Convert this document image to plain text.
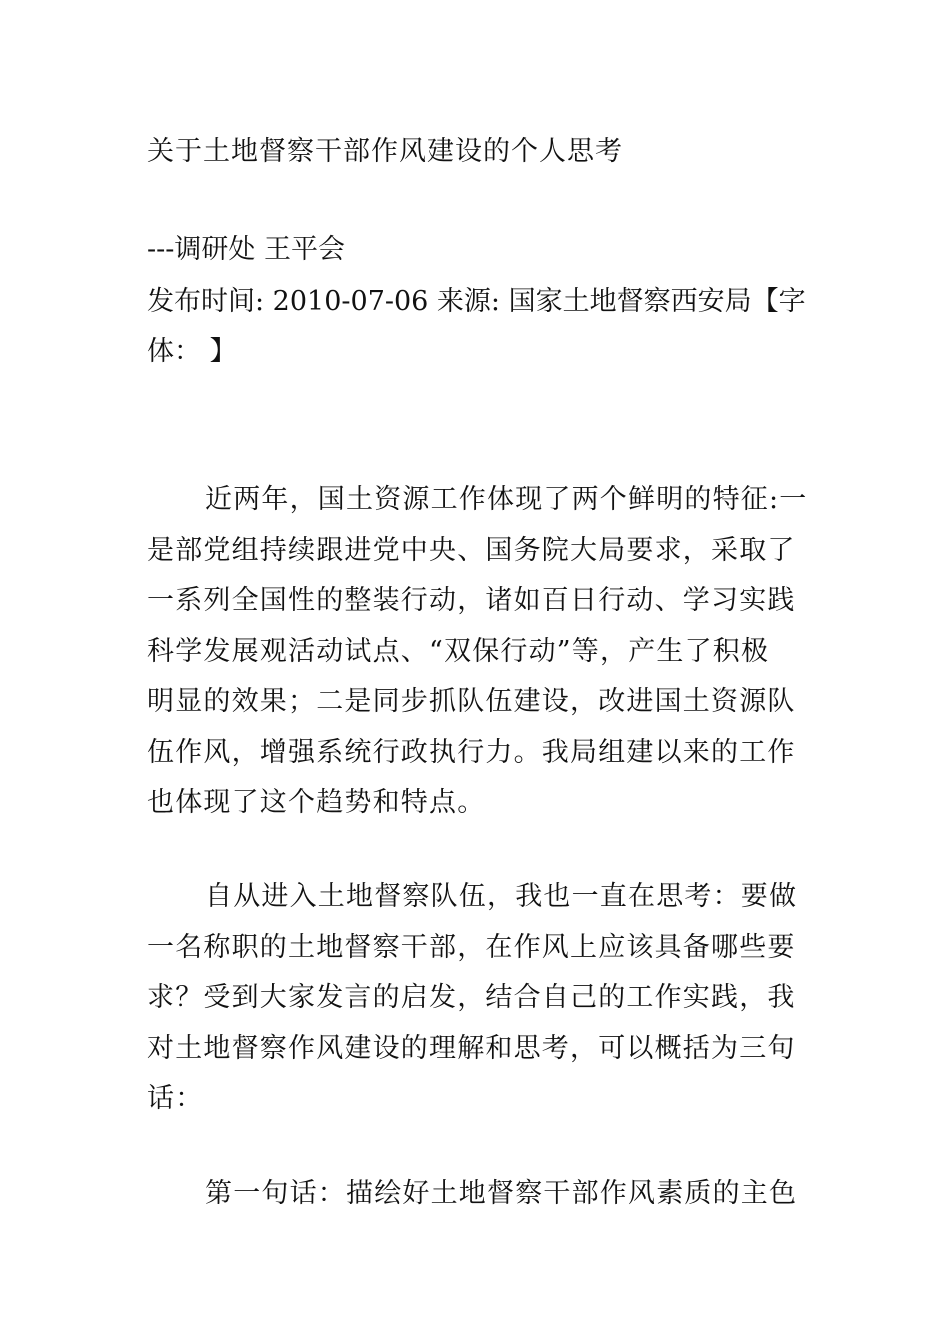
关于土地督察干部作风建设的个人思考
---调研处 王平会
发布时间: 2010-07-06 来源: 国家土地督察西安局【字
体： 】
近两年，国土资源工作体现了两个鲜明的特征:一
是部党组持续跟进党中央、国务院大局要求，采取了
一系列全国性的整装行动，诸如百日行动、学习实践
科学发展观活动试点、“双保行动”等，产生了积极
明显的效果；二是同步抓队伍建设，改进国土资源队
伍作风，增强系统行政执行力。我局组建以来的工作
也体现了这个趋势和特点。
自从进入土地督察队伍，我也一直在思考：要做
一名称职的土地督察干部，在作风上应该具备哪些要
求？受到大家发言的启发，结合自己的工作实践，我
对土地督察作风建设的理解和思考，可以概括为三句
话：
第一句话：描绘好土地督察干部作风素质的主色
